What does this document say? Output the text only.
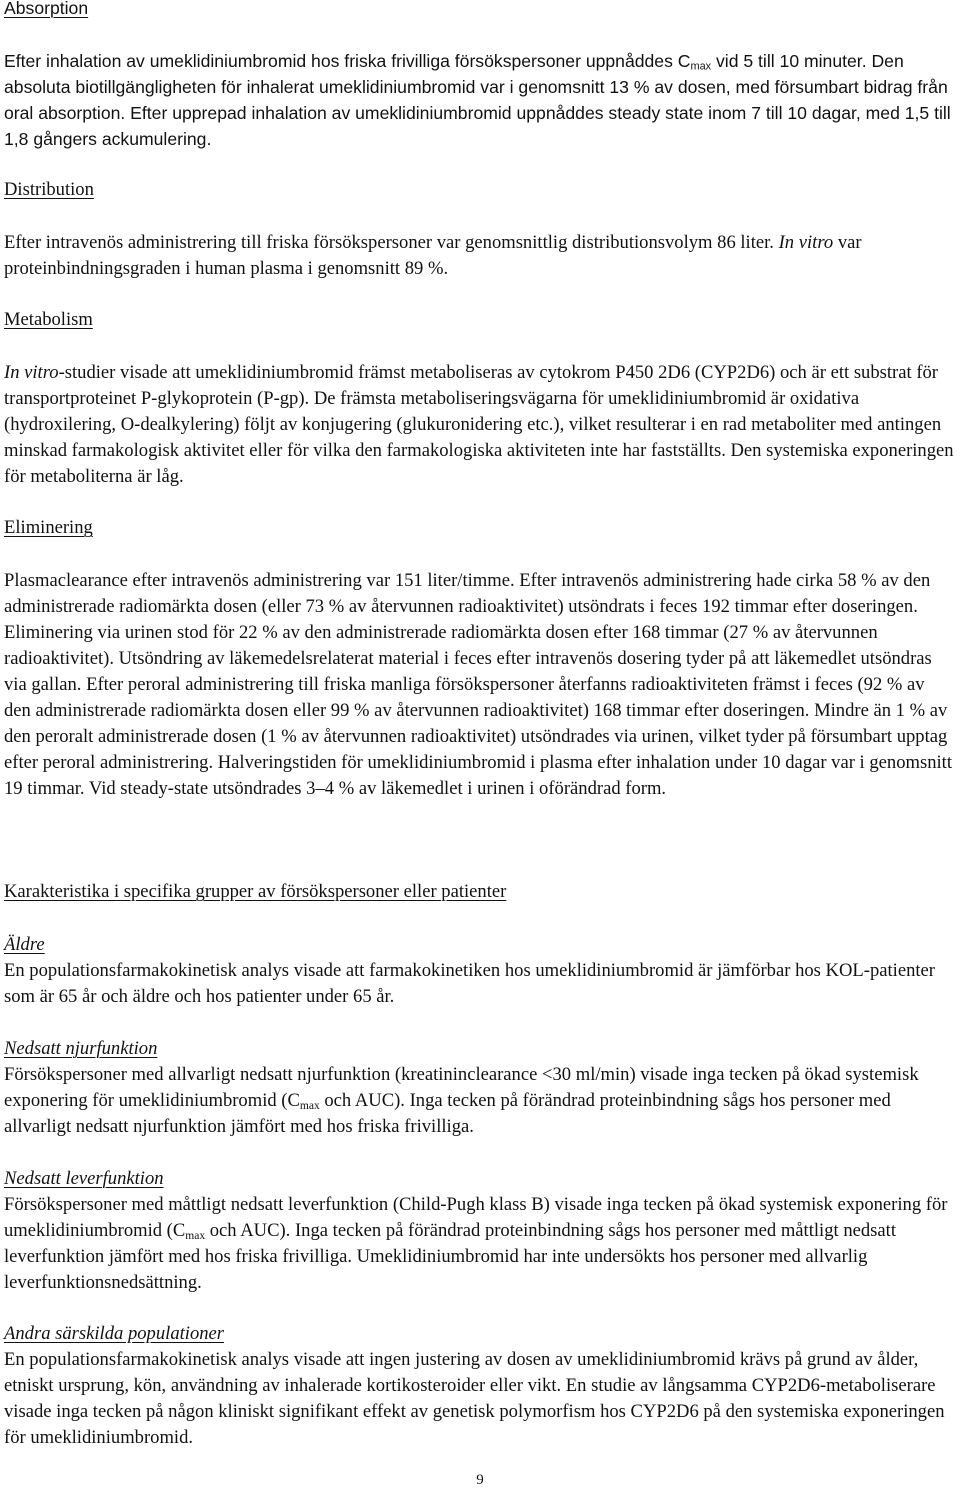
Absorption

Efter inhalation av umeklidiniumbromid hos friska frivilliga försökspersoner uppnåddes $C_{max}$ vid 5 till 10 minuter. Den absoluta biotillgängligheten för inhalerat umeklidiniumbromid var i genomsnitt 13 % av dosen, med försumbart bidrag från oral absorption. Efter upprepad inhalation av umeklidiniumbromid uppnåddes steady state inom 7 till 10 dagar, med 1,5 till 1,8 gångers ackumulering.

Distribution

Efter intravenös administrering till friska försökspersoner var genomsnittlig distributionsvolym 86 liter. In vitro var proteinbindningsgraden i human plasma i genomsnitt 89 %.

Metabolism

In vitro-studier visade att umeklidiniumbromid främst metaboliseras av cytokrom P450 2D6 (CYP2D6) och är ett substrat för transportproteinet P-glykoprotein (P-gp). De främsta metaboliseringsvägarna för umeklidiniumbromid är oxidativa (hydroxilering, O-dealkylering) följt av konjugering (glukuronidering etc.), vilket resulterar i en rad metaboliter med antingen minskad farmakologisk aktivitet eller för vilka den farmakologiska aktiviteten inte har fastställts. Den systemiska exponeringen för metaboliterna är låg.

Eliminering

Plasmaclearance efter intravenös administrering var 151 liter/timme. Efter intravenös administrering hade cirka 58 % av den administrerade radiomärkta dosen (eller 73 % av återvunnen radioaktivitet) utsöndrats i feces 192 timmar efter doseringen. Eliminering via urinen stod för 22 % av den administrerade radiomärkta dosen efter 168 timmar (27 % av återvunnen radioaktivitet). Utsöndring av läkemedelsrelaterat material i feces efter intravenös dosering tyder på att läkemedlet utsöndras via gallan. Efter peroral administrering till friska manliga försökspersoner återfanns radioaktiviteten främst i feces (92 % av den administrerade radiomärkta dosen eller 99 % av återvunnen radioaktivitet) 168 timmar efter doseringen. Mindre än 1 % av den peroralt administrerade dosen (1 % av återvunnen radioaktivitet) utsöndrades via urinen, vilket tyder på försumbart upptag efter peroral administrering. Halveringstiden för umeklidiniumbromid i plasma efter inhalation under 10 dagar var i genomsnitt 19 timmar. Vid steady-state utsöndrades 3–4 % av läkemedlet i urinen i oförändrad form.

Karakteristika i specifika grupper av försökspersoner eller patienter
Äldre

En populationsfarmakokinetisk analys visade att farmakokinetiken hos umeklidiniumbromid är jämförbar hos KOL-patienter som är 65 år och äldre och hos patienter under 65 år.

Nedsatt njurfunktion

Försökspersoner med allvarligt nedsatt njurfunktion (kreatininclearance <30 ml/min) visade inga tecken på ökad systemisk exponering för umeklidiniumbromid ($C_{max}$ och AUC). Inga tecken på förändrad proteinbindning sågs hos personer med allvarligt nedsatt njurfunktion jämfört med hos friska frivilliga.

Nedsatt leverfunktion

Försökspersoner med måttligt nedsatt leverfunktion (Child-Pugh klass B) visade inga tecken på ökad systemisk exponering för umeklidiniumbromid ($C_{max}$ och AUC). Inga tecken på förändrad proteinbindning sågs hos personer med måttligt nedsatt leverfunktion jämfört med hos friska frivilliga. Umeklidiniumbromid har inte undersökts hos personer med allvarlig leverfunktionsnedsättning.

Andra särskilda populationer

En populationsfarmakokinetisk analys visade att ingen justering av dosen av umeklidiniumbromid krävs på grund av ålder, etniskt ursprung, kön, användning av inhalerade kortikosteroider eller vikt. En studie av långsamma CYP2D6-metaboliserare visade inga tecken på någon kliniskt signifikant effekt av genetisk polymorfism hos CYP2D6 på den systemiska exponeringen för umeklidiniumbromid.

9
